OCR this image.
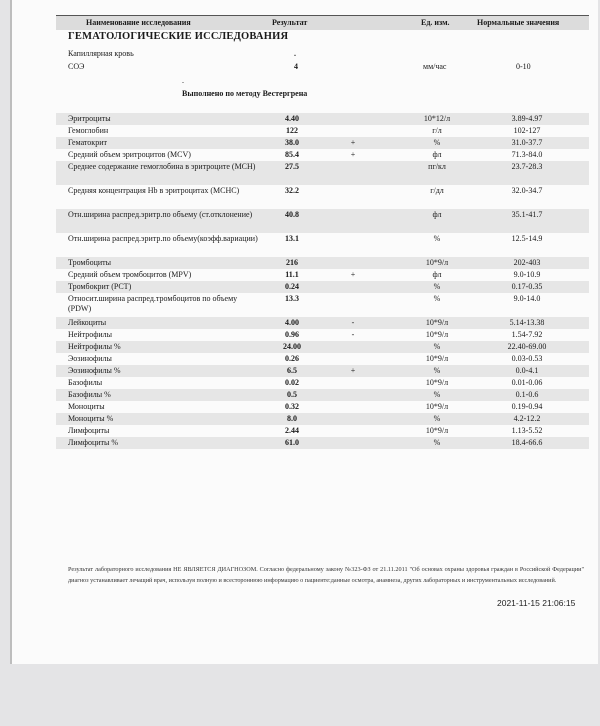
Наименование исследования	Результат	Ед. изм.	Нормальные значения
ГЕМАТОЛОГИЧЕСКИЕ ИССЛЕДОВАНИЯ
Капиллярная кровь	.
СОЭ	4	мм/час	0-10
.
Выполнено по методу Вестергрена
Эритроциты	4.40	10*12/л	3.89-4.97
Гемоглобин	122	г/л	102-127
Гематокрит	38.0	+	%	31.0-37.7
Средний объем эритроцитов (MCV)	85.4	+	фл	71.3-84.0
Среднее содержание гемоглобина в эритроците (MCH)	27.5	пг/кл	23.7-28.3
Средняя концентрация Hb в эритроцитах (MCHC)	32.2	г/дл	32.0-34.7
Отн.ширина распред.эритр.по объему (ст.отклонение)	40.8	фл	35.1-41.7
Отн.ширина распред.эритр.по объему(коэфф.вариации)	13.1	%	12.5-14.9
Тромбоциты	216	10*9/л	202-403
Средний объем тромбоцитов (MPV)	11.1	+	фл	9.0-10.9
Тромбокрит (PCT)	0.24	%	0.17-0.35
Относит.ширина распред.тромбоцитов по объему (PDW)
13.3	%	9.0-14.0
Лейкоциты	4.00	-	10*9/л	5.14-13.38
Нейтрофилы	0.96	-	10*9/л	1.54-7.92
Нейтрофилы %	24.00	%	22.40-69.00
Эозинофилы	0.26	10*9/л	0.03-0.53
Эозинофилы %	6.5	+	%	0.0-4.1
Базофилы	0.02	10*9/л	0.01-0.06
Базофилы %	0.5	%	0.1-0.6
Моноциты	0.32	10*9/л	0.19-0.94
Моноциты %	8.0	%	4.2-12.2
Лимфоциты	2.44	10*9/л	1.13-5.52
Лимфоциты %	61.0	%	18.4-66.6
Результат лабораторного исследования НЕ ЯВЛЯЕТСЯ ДИАГНОЗОМ. Согласно федеральному закону №323-ФЗ от 21.11.2011 "Об основах охраны здоровья граждан в Российской Федерации" диагноз устанавливает лечащий врач, используя полную и всестороннюю информацию о пациенте:данные осмотра, анамнеза, других лабораторных и инструментальных исследований.
2021-11-15 21:06:15
